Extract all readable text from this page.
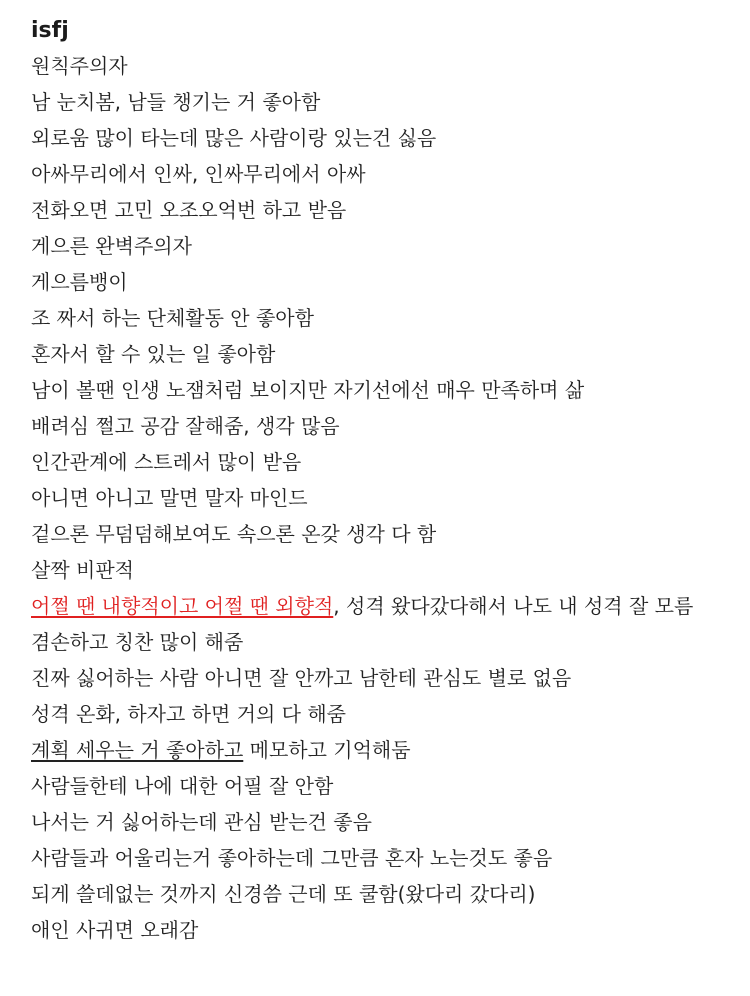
isfj
원칙주의자
남 눈치봄, 남들 챙기는 거 좋아함
외로움 많이 타는데 많은 사람이랑 있는건 싫음
아싸무리에서 인싸, 인싸무리에서 아싸
전화오면 고민 오조오억번 하고 받음
게으른 완벽주의자
게으름뱅이
조 짜서 하는 단체활동 안 좋아함
혼자서 할 수 있는 일 좋아함
남이 볼땐 인생 노잼처럼 보이지만 자기선에선 매우 만족하며 삶
배려심 쩔고 공감 잘해줌, 생각 많음
인간관계에 스트레서 많이 받음
아니면 아니고 말면 말자 마인드
겉으론 무덤덤해보여도 속으론 온갖 생각 다 함
살짝 비판적
어쩔 땐 내향적이고 어쩔 땐 외향적, 성격 왔다갔다해서 나도 내 성격 잘 모름
겸손하고 칭찬 많이 해줌
진짜 싫어하는 사람 아니면 잘 안까고 남한테 관심도 별로 없음
성격 온화, 하자고 하면 거의 다 해줌
계획 세우는 거 좋아하고 메모하고 기억해둠
사람들한테 나에 대한 어필 잘 안함
나서는 거 싫어하는데 관심 받는건 좋음
사람들과 어울리는거 좋아하는데 그만큼 혼자 노는것도 좋음
되게 쓸데없는 것까지 신경씀 근데 또 쿨함(왔다리 갔다리)
애인 사귀면 오래감
